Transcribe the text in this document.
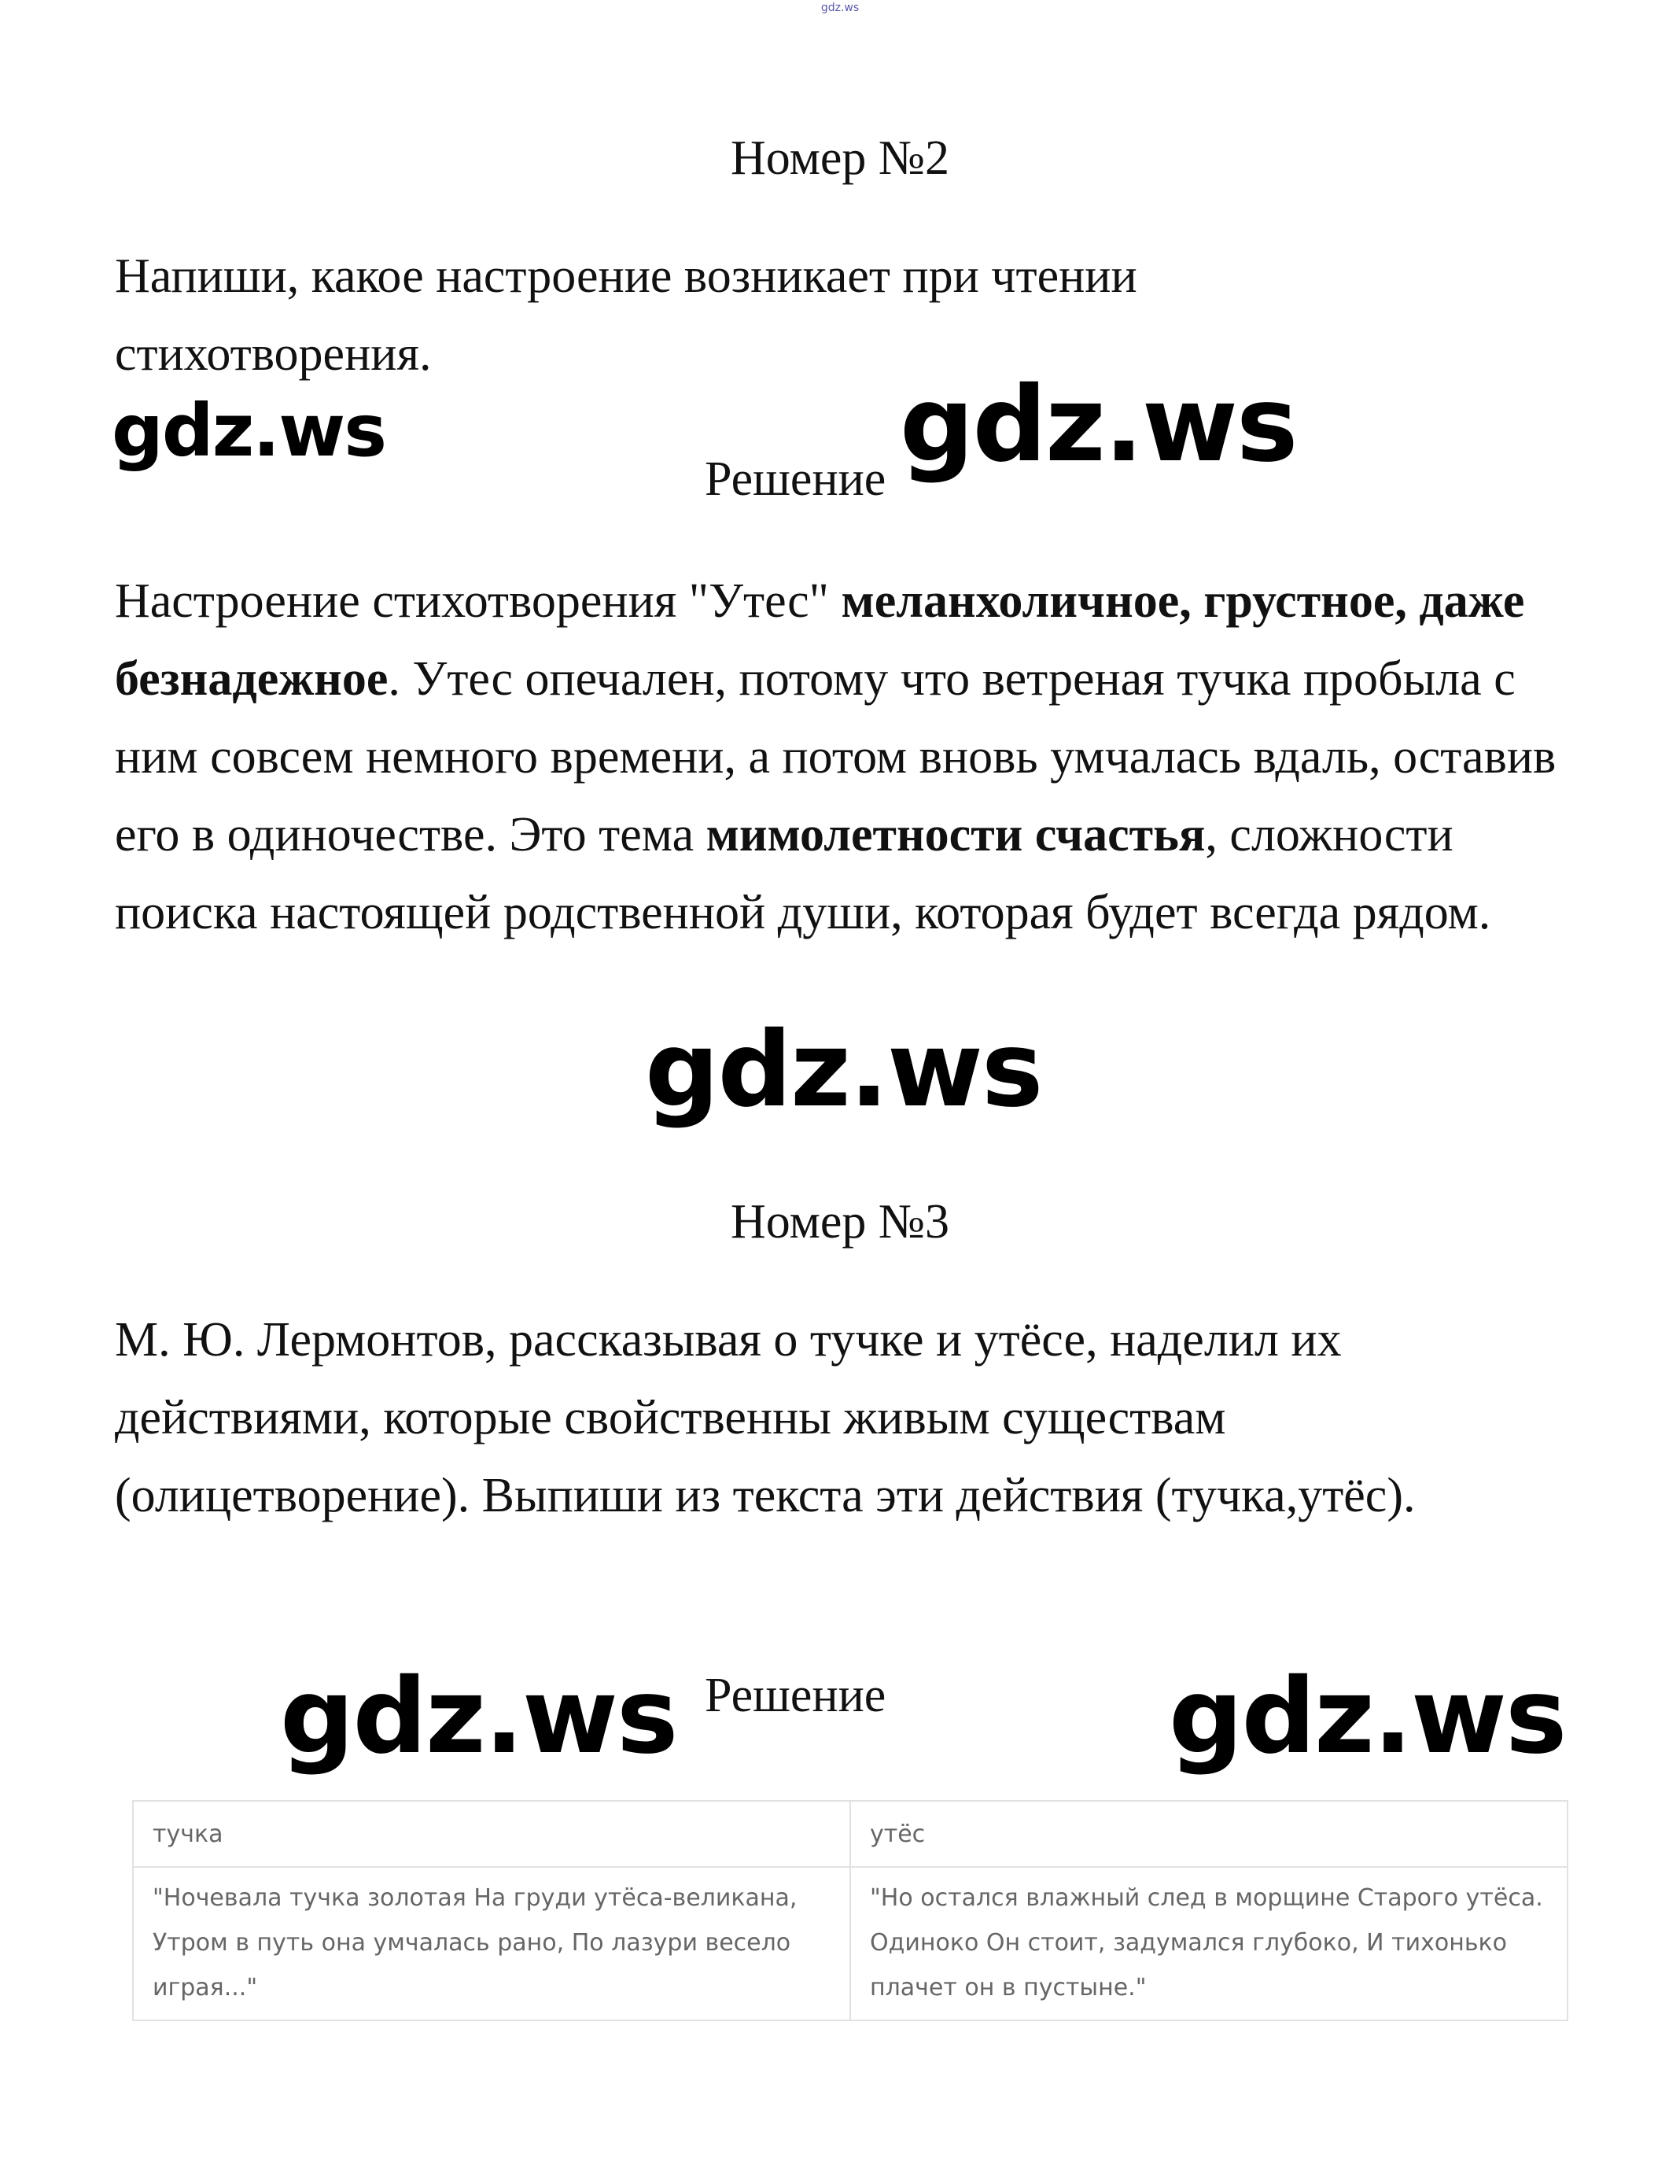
gdz.ws
Номер №2

Напиши, какое настроение возникает при чтении стихотворения.

gdz.ws
Решение gdz.ws

Настроение стихотворения "Утес" меланхоличное, грустное, даже безнадежное. Утес опечален, потому что ветреная тучка пробыла с ним совсем немного времени, а потом вновь умчалась вдаль, оставив его в одиночестве. Это тема мимолетности счастья, сложности поиска настоящей родственной души, которая будет всегда рядом.

gdz.ws
Номер №3

М. Ю. Лермонтов, рассказывая о тучке и утёсе, наделил их действиями, которые свойственны живым существам (олицетворение). Выпиши из текста эти действия (тучка,утёс).

gdz.ws Решение	gdz.ws
тучка	утёс
"Ночевала тучка золотая На груди утёса-великана, Утром в путь она умчалась рано, По лазури весело играя..."	"Но остался влажный след в морщине Старого утёса. Одиноко Он стоит, задумался глубоко, И тихонько плачет он в пустыне."
